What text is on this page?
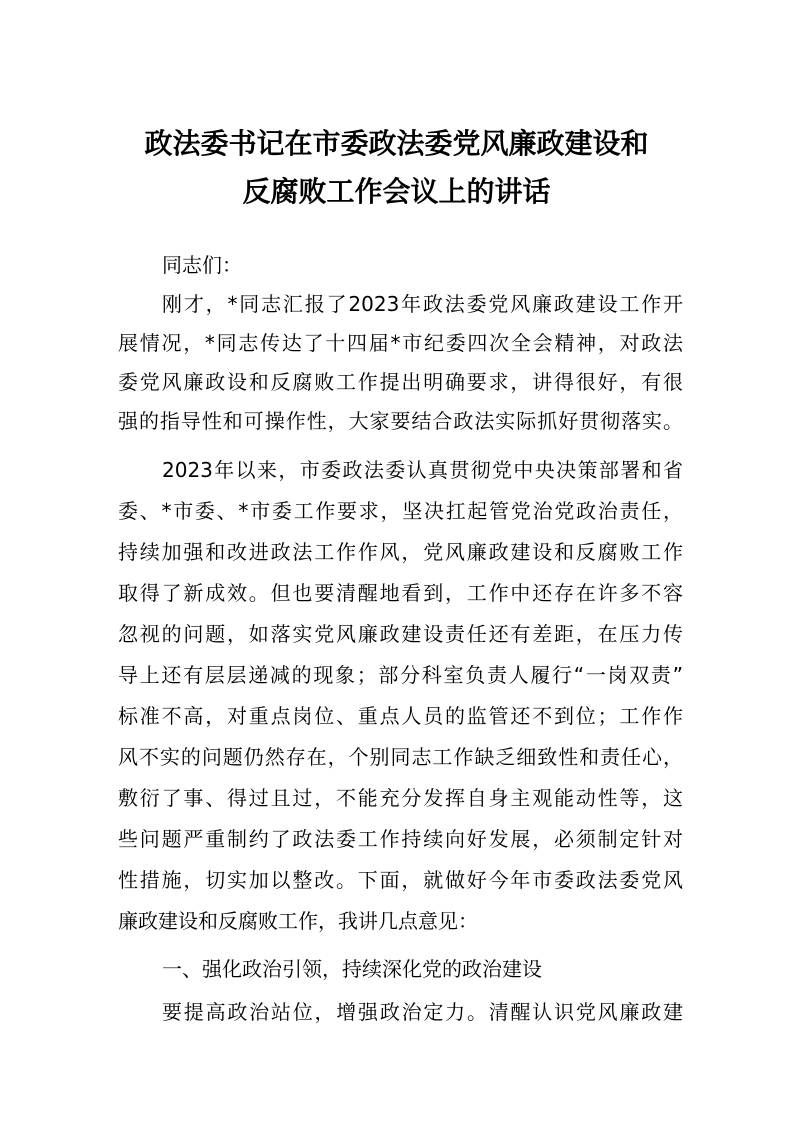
政法委书记在市委政法委党风廉政建设和
反腐败工作会议上的讲话
同志们：
刚才，*同志汇报了2023年政法委党风廉政建设工作开
展情况，*同志传达了十四届*市纪委四次全会精神，对政法
委党风廉政设和反腐败工作提出明确要求，讲得很好，有很
强的指导性和可操作性，大家要结合政法实际抓好贯彻落实。
2023年以来，市委政法委认真贯彻党中央决策部署和省
委、*市委、*市委工作要求，坚决扛起管党治党政治责任，
持续加强和改进政法工作作风，党风廉政建设和反腐败工作
取得了新成效。但也要清醒地看到，工作中还存在许多不容
忽视的问题，如落实党风廉政建设责任还有差距，在压力传
导上还有层层递减的现象；部分科室负责人履行“一岗双责”
标准不高，对重点岗位、重点人员的监管还不到位；工作作
风不实的问题仍然存在，个别同志工作缺乏细致性和责任心，
敷衍了事、得过且过，不能充分发挥自身主观能动性等，这
些问题严重制约了政法委工作持续向好发展，必须制定针对
性措施，切实加以整改。下面，就做好今年市委政法委党风
廉政建设和反腐败工作，我讲几点意见：
一、强化政治引领，持续深化党的政治建设
要提高政治站位，增强政治定力。清醒认识党风廉政建
